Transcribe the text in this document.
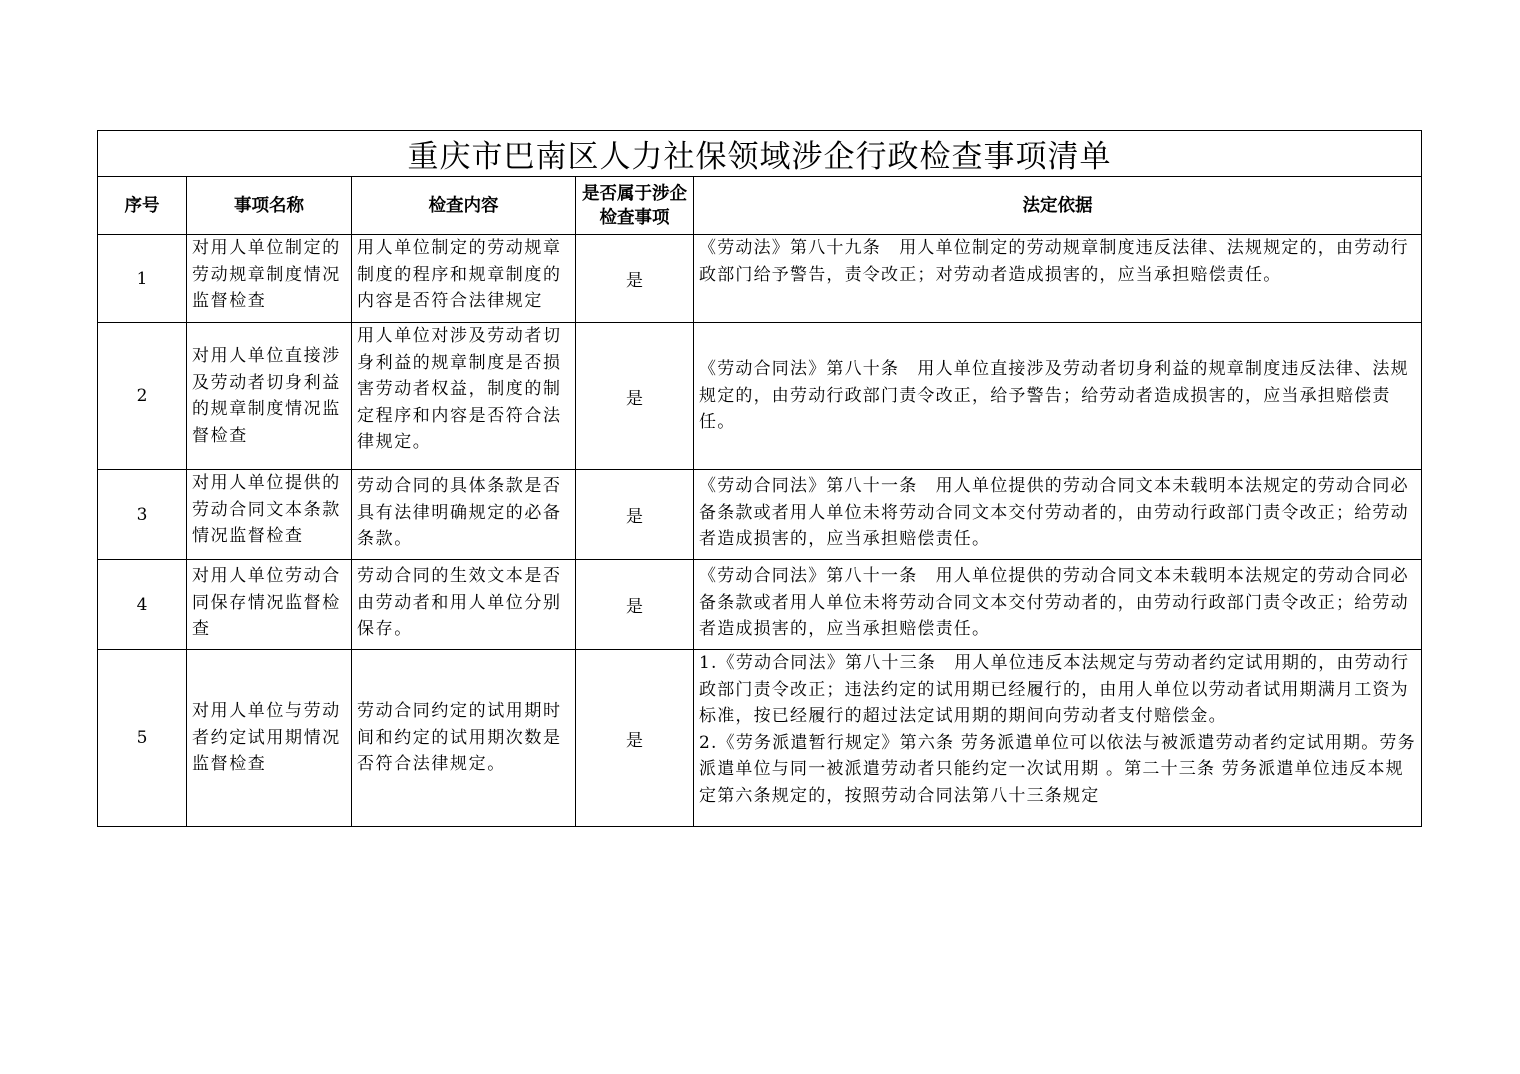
重庆市巴南区人力社保领域涉企行政检查事项清单				
序号	事项名称	检查内容	是否属于涉企检查事项	法定依据
1	对用人单位制定的劳动规章制度情况监督检查	用人单位制定的劳动规章制度的程序和规章制度的内容是否符合法律规定	是	《劳动法》第八十九条　用人单位制定的劳动规章制度违反法律、法规规定的，由劳动行政部门给予警告，责令改正；对劳动者造成损害的，应当承担赔偿责任。

2	对用人单位直接涉及劳动者切身利益的规章制度情况监督检查	用人单位对涉及劳动者切身利益的规章制度是否损害劳动者权益，制度的制定程序和内容是否符合法律规定。	是	《劳动合同法》第八十条　用人单位直接涉及劳动者切身利益的规章制度违反法律、法规规定的，由劳动行政部门责令改正，给予警告；给劳动者造成损害的，应当承担赔偿责任。

3	对用人单位提供的劳动合同文本条款情况监督检查	劳动合同的具体条款是否具有法律明确规定的必备条款。	是	《劳动合同法》第八十一条　用人单位提供的劳动合同文本未载明本法规定的劳动合同必备条款或者用人单位未将劳动合同文本交付劳动者的，由劳动行政部门责令改正；给劳动者造成损害的，应当承担赔偿责任。

4	对用人单位劳动合同保存情况监督检查	劳动合同的生效文本是否由劳动者和用人单位分别保存。	是	《劳动合同法》第八十一条　用人单位提供的劳动合同文本未载明本法规定的劳动合同必备条款或者用人单位未将劳动合同文本交付劳动者的，由劳动行政部门责令改正；给劳动者造成损害的，应当承担赔偿责任。

5	对用人单位与劳动者约定试用期情况监督检查	劳动合同约定的试用期时间和约定的试用期次数是否符合法律规定。	是	1.《劳动合同法》第八十三条　用人单位违反本法规定与劳动者约定试用期的，由劳动行政部门责令改正；违法约定的试用期已经履行的，由用人单位以劳动者试用期满月工资为标准，按已经履行的超过法定试用期的期间向劳动者支付赔偿金。
2.《劳务派遣暂行规定》第六条 劳务派遣单位可以依法与被派遣劳动者约定试用期。劳务派遣单位与同一被派遣劳动者只能约定一次试用期 。第二十三条 劳务派遣单位违反本规定第六条规定的，按照劳动合同法第八十三条规定
